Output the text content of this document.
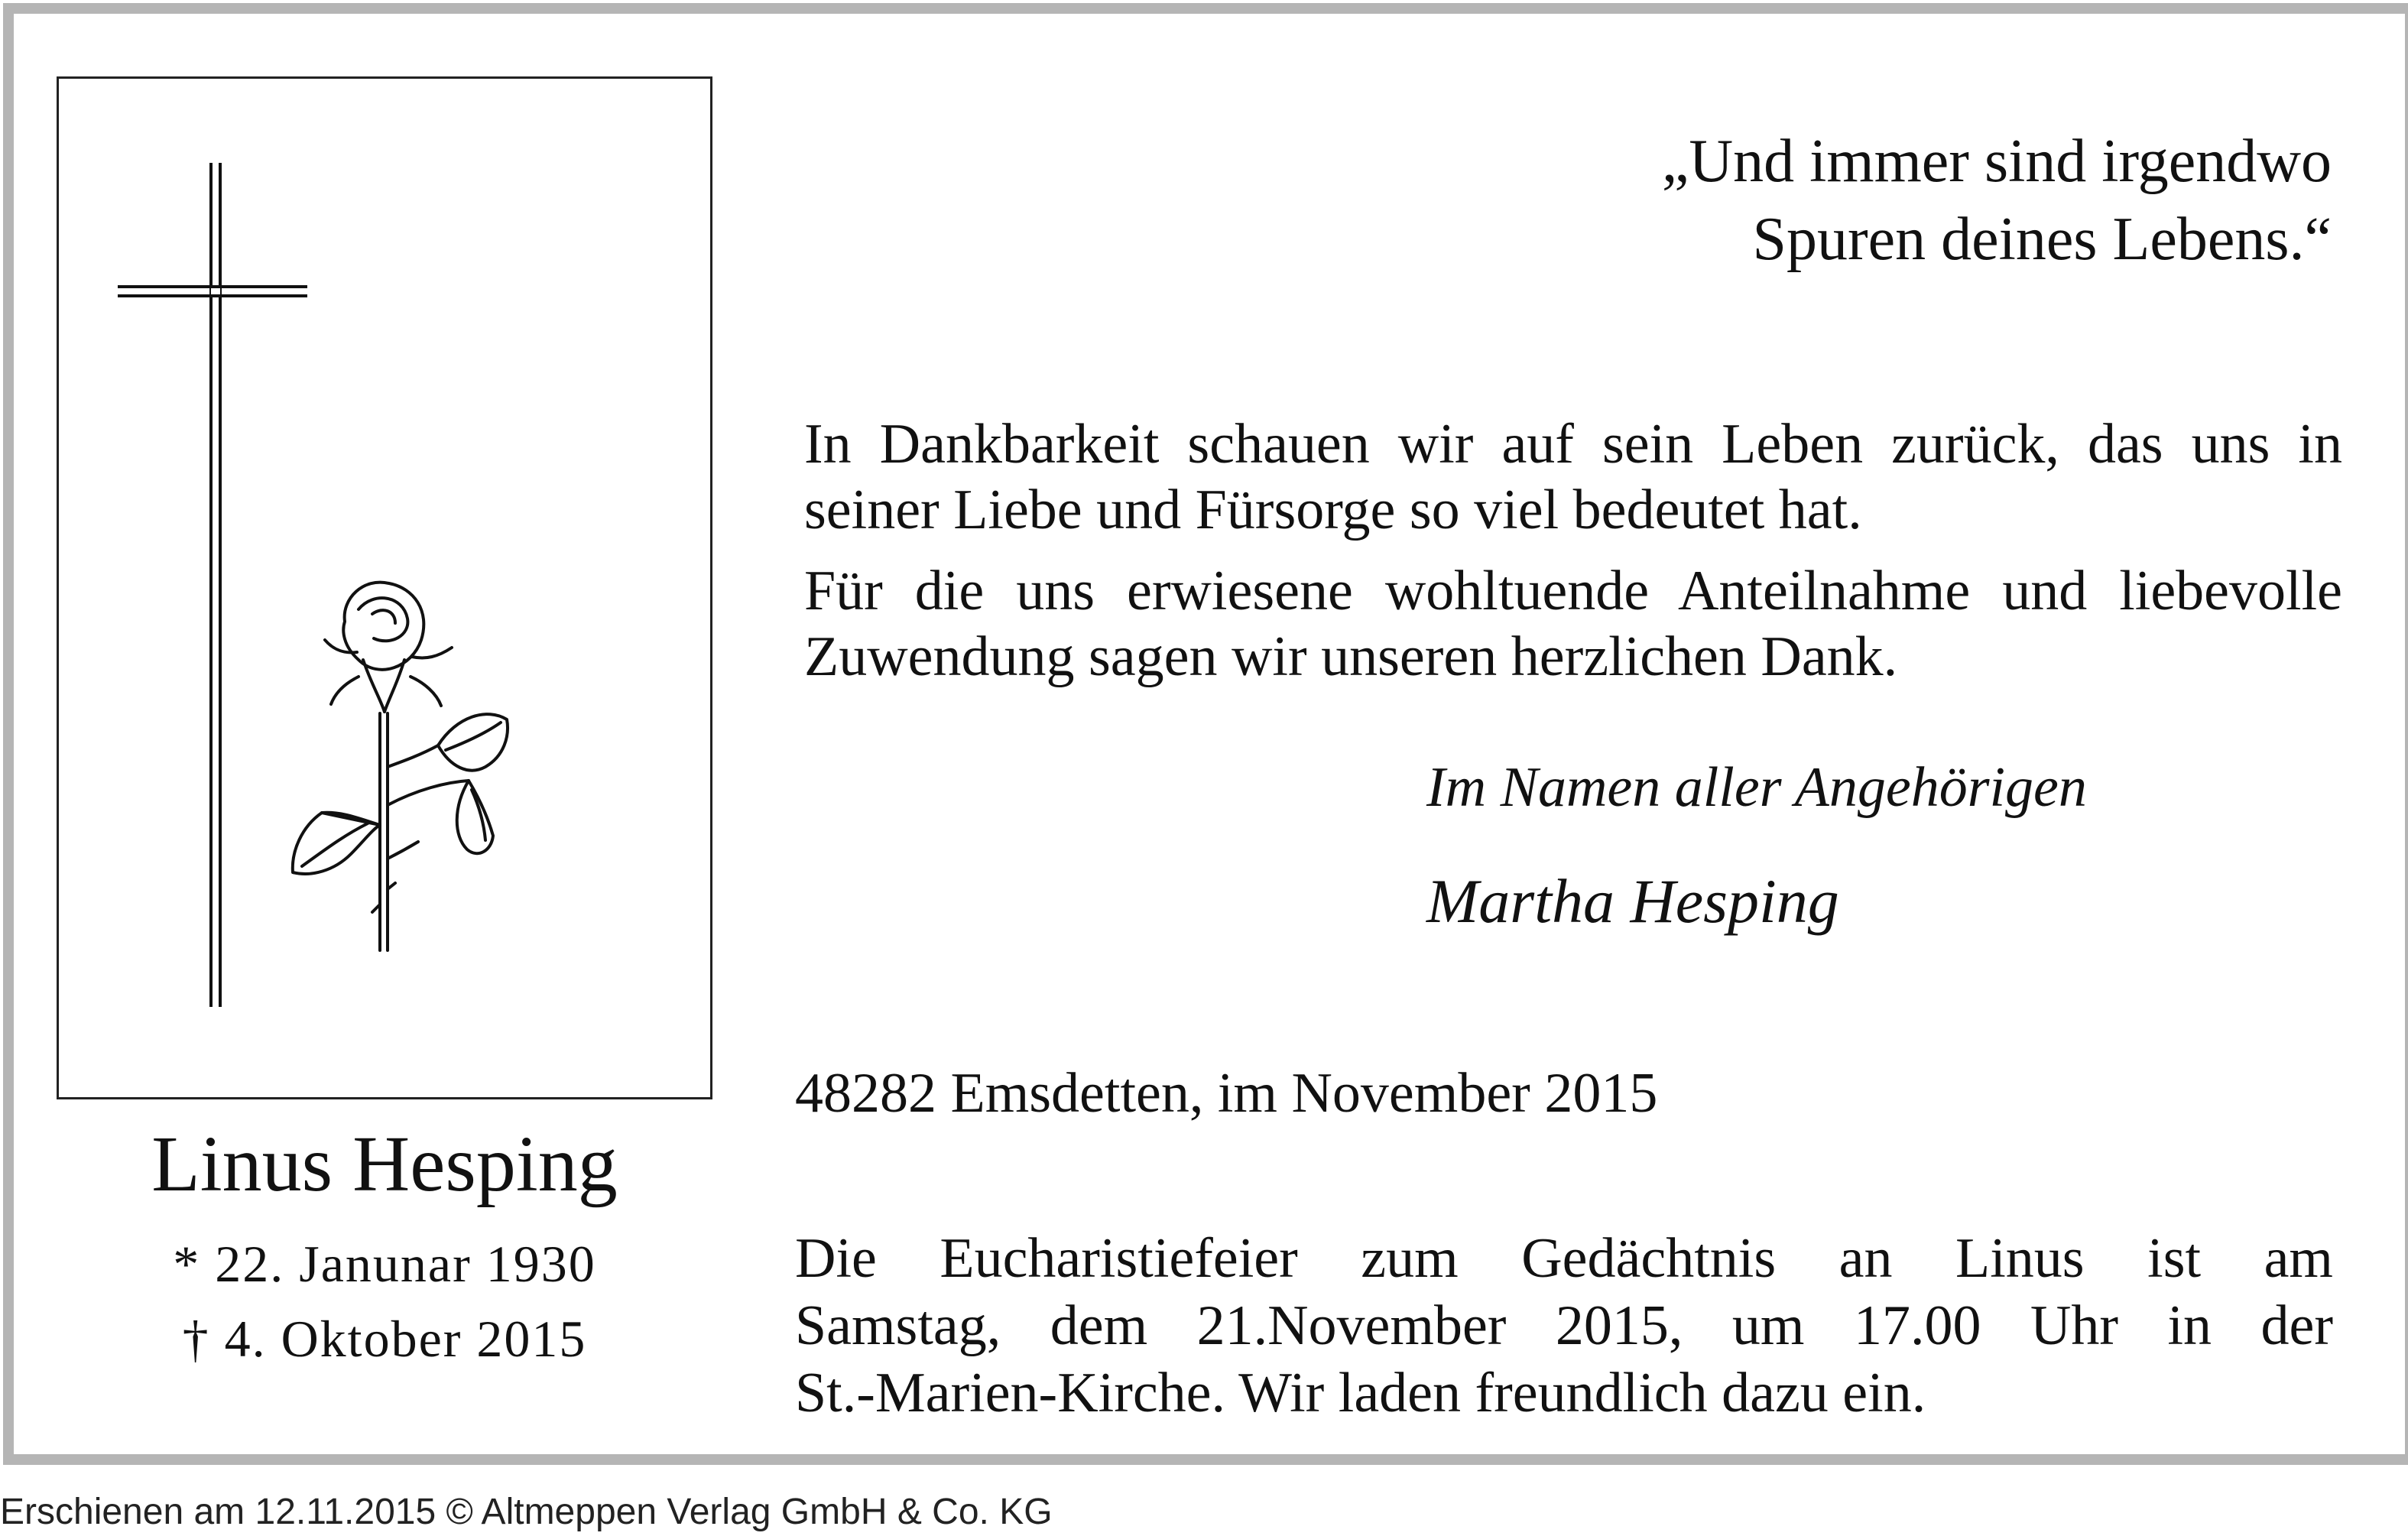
Linus Hesping
* 22. Janunar 1930
† 4. Oktober 2015
„Und immer sind irgendwo
Spuren deines Lebens.“
In Dankbarkeit schauen wir auf sein Leben zurück, das uns in seiner Liebe und Fürsorge so viel bedeutet hat.
Für die uns erwiesene wohltuende Anteilnahme und liebevolle Zuwendung sagen wir unseren herzlichen Dank.
Im Namen aller Angehörigen
Martha Hesping
48282 Emsdetten, im November 2015
Die Eucharistiefeier zum Gedächtnis an Linus ist am
Samstag, dem 21.November 2015, um 17.00 Uhr in der
St.-Marien-Kirche. Wir laden freundlich dazu ein.
Erschienen am 12.11.2015 © Altmeppen Verlag GmbH & Co. KG
